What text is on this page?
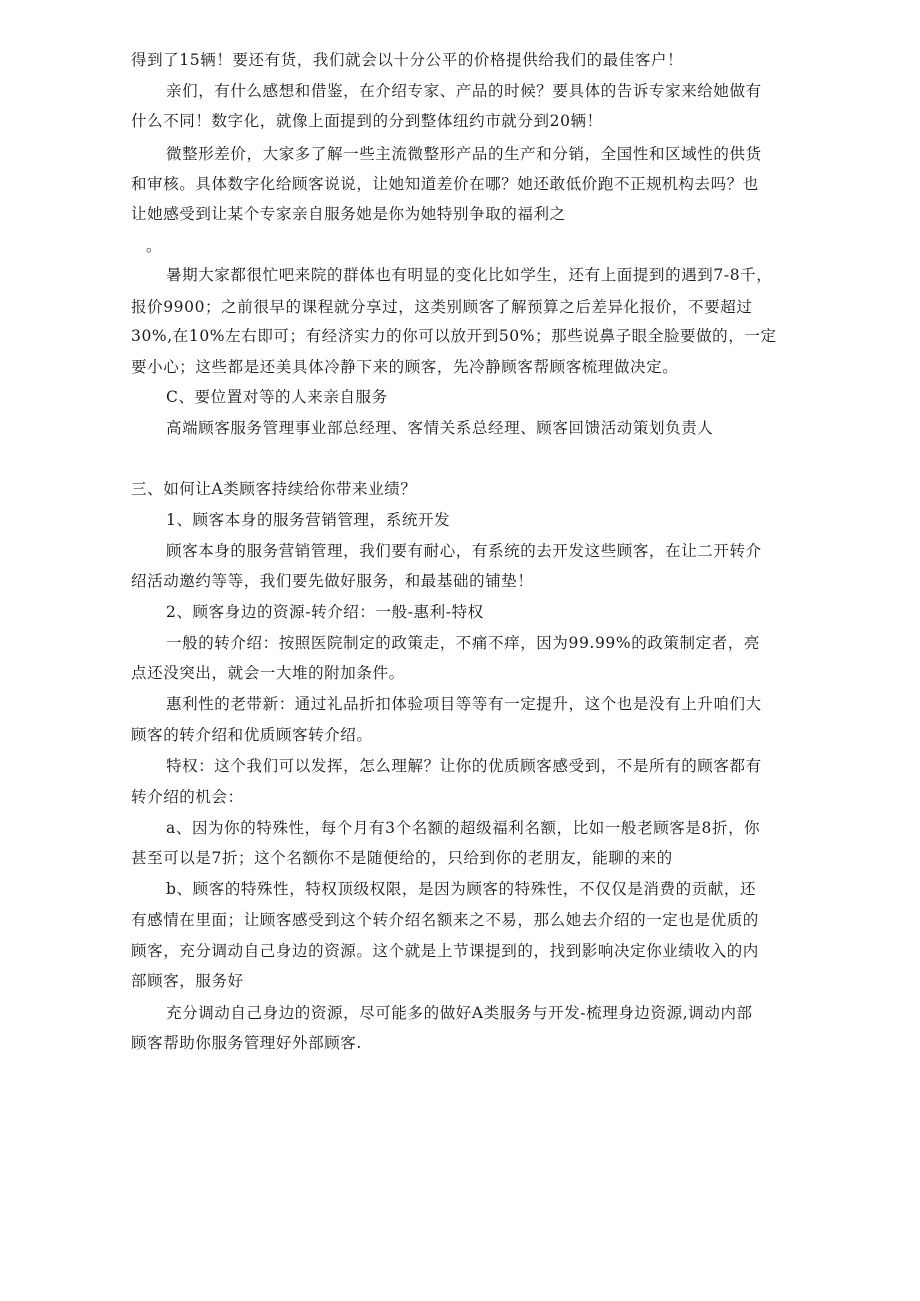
得到了15辆！要还有货，我们就会以十分公平的价格提供给我们的最佳客户！
亲们，有什么感想和借鉴，在介绍专家、产品的时候？要具体的告诉专家来给她做有
什么不同！数字化，就像上面提到的分到整体纽约市就分到20辆！
微整形差价，大家多了解一些主流微整形产品的生产和分销，全国性和区域性的供货
和审核。具体数字化给顾客说说，让她知道差价在哪？她还敢低价跑不正规机构去吗？也
让她感受到让某个专家亲自服务她是你为她特别争取的福利之
。
暑期大家都很忙吧来院的群体也有明显的变化比如学生，还有上面提到的遇到7-8千，
报价9900；之前很早的课程就分享过，这类别顾客了解预算之后差异化报价，不要超过
30%,在10%左右即可；有经济实力的你可以放开到50%；那些说鼻子眼全脸要做的，一定
要小心；这些都是还美具体冷静下来的顾客，先冷静顾客帮顾客梳理做决定。
C、要位置对等的人来亲自服务
高端顾客服务管理事业部总经理、客情关系总经理、顾客回馈活动策划负责人
三、如何让A类顾客持续给你带来业绩？
1、顾客本身的服务营销管理，系统开发
顾客本身的服务营销管理，我们要有耐心，有系统的去开发这些顾客，在让二开转介
绍活动邀约等等，我们要先做好服务，和最基础的铺垫！
2、顾客身边的资源-转介绍：一般-惠利-特权
一般的转介绍：按照医院制定的政策走，不痛不痒，因为99.99%的政策制定者，亮
点还没突出，就会一大堆的附加条件。
惠利性的老带新：通过礼品折扣体验项目等等有一定提升，这个也是没有上升咱们大
顾客的转介绍和优质顾客转介绍。
特权：这个我们可以发挥，怎么理解？让你的优质顾客感受到，不是所有的顾客都有
转介绍的机会：
a、因为你的特殊性，每个月有3个名额的超级福利名额，比如一般老顾客是8折，你
甚至可以是7折；这个名额你不是随便给的，只给到你的老朋友，能聊的来的
b、顾客的特殊性，特权顶级权限，是因为顾客的特殊性，不仅仅是消费的贡献，还
有感情在里面；让顾客感受到这个转介绍名额来之不易，那么她去介绍的一定也是优质的
顾客，充分调动自己身边的资源。这个就是上节课提到的，找到影响决定你业绩收入的内
部顾客，服务好
充分调动自己身边的资源，尽可能多的做好A类服务与开发-梳理身边资源,调动内部
顾客帮助你服务管理好外部顾客.
